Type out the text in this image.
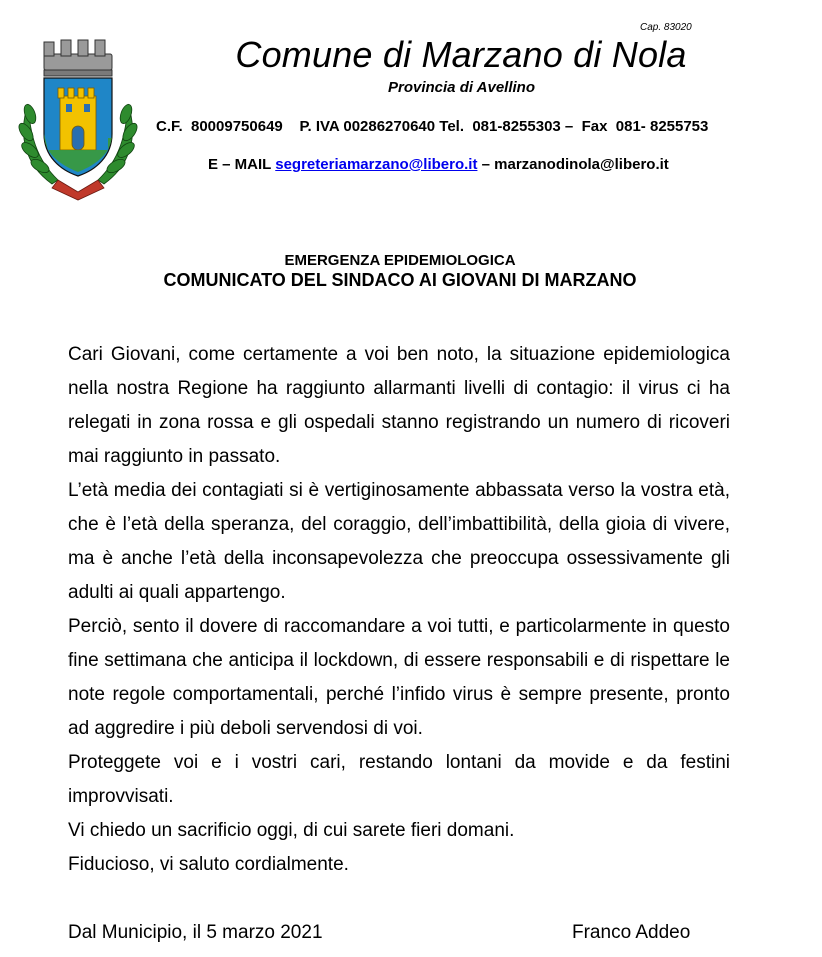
Cap. 83020
Comune di Marzano di Nola
Provincia di Avellino
C.F.  80009750649    P. IVA 00286270640 Tel.  081-8255303 –  Fax  081- 8255753
E – MAIL segreteriamarzano@libero.it – marzanodinola@libero.it
EMERGENZA EPIDEMIOLOGICA
COMUNICATO DEL SINDACO AI GIOVANI DI MARZANO

Cari Giovani, come certamente a voi ben noto, la situazione epidemiologica nella nostra Regione ha raggiunto allarmanti livelli di contagio: il virus ci ha relegati in zona rossa e gli ospedali stanno registrando un numero di ricoveri mai raggiunto in passato.

L’età media dei contagiati si è vertiginosamente abbassata verso la vostra età, che è l’età della speranza, del coraggio, dell’imbattibilità, della gioia di vivere, ma è anche l’età della inconsapevolezza che preoccupa ossessivamente gli adulti ai quali appartengo.

Perciò, sento il dovere di raccomandare a voi tutti, e particolarmente in questo fine settimana che anticipa il lockdown, di essere responsabili e di rispettare le note regole comportamentali, perché l’infido virus è sempre presente, pronto ad aggredire i più deboli servendosi di voi.

Proteggete voi e i vostri cari, restando lontani da movide e da festini improvvisati.

Vi chiedo un sacrificio oggi, di cui sarete fieri domani.

Fiducioso, vi saluto cordialmente.

Dal Municipio, il 5 marzo 2021	Franco Addeo
